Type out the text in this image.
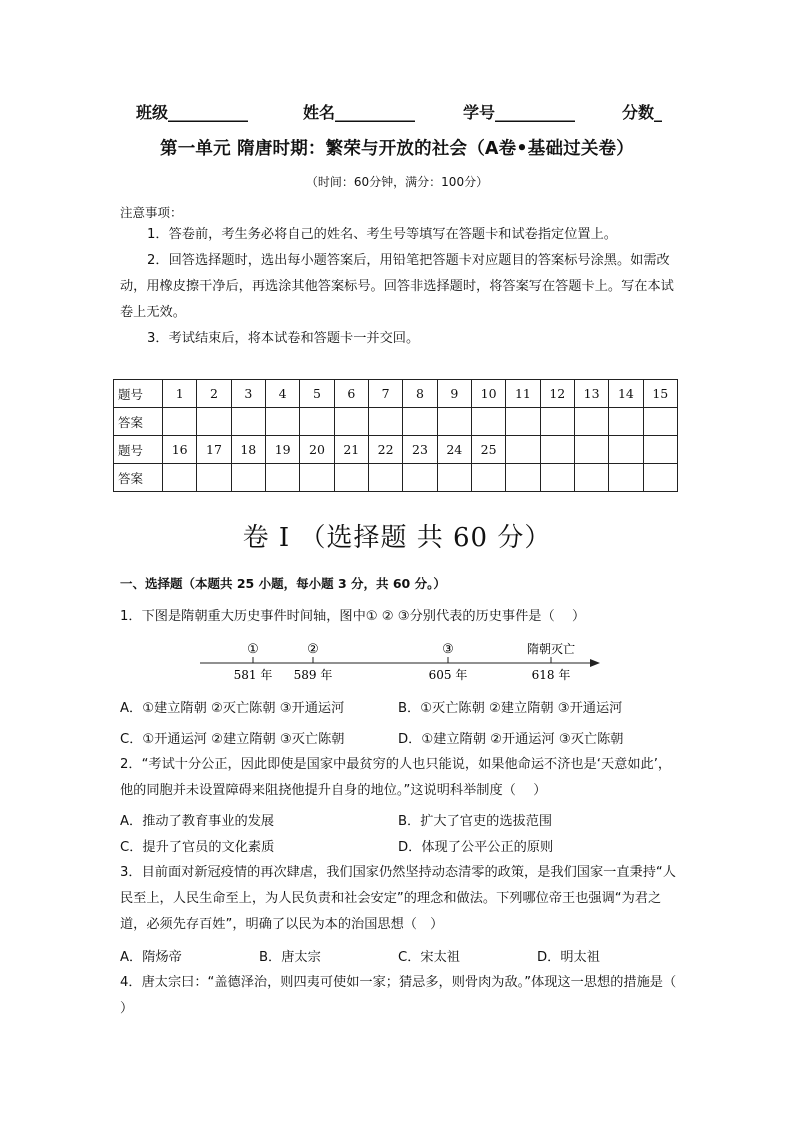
班级__________	姓名__________	学号__________	分数_
第一单元 隋唐时期：繁荣与开放的社会（A卷•基础过关卷）
（时间：60分钟，满分：100分）
注意事项：
1．答卷前，考生务必将自己的姓名、考生号等填写在答题卡和试卷指定位置上。
2．回答选择题时，选出每小题答案后，用铅笔把答题卡对应题目的答案标号涂黑。如需改动，用橡皮擦干净后，再选涂其他答案标号。回答非选择题时，将答案写在答题卡上。写在本试卷上无效。
3．考试结束后，将本试卷和答题卡一并交回。
题号	1	2	3	4	5	6	7	8	9	10	11	12	13	14	15
答案															
题号	16	17	18	19	20	21	22	23	24	25					
答案															
卷 I （选择题 共 60 分）
一、选择题（本题共 25 小题，每小题 3 分，共 60 分。）
1．下图是隋朝重大历史事件时间轴，图中① ② ③分别代表的历史事件是（　 ）
①	②	③	隋朝灭亡
581 年 589 年	605 年	618 年
A．①建立隋朝 ②灭亡陈朝 ③开通运河	B．①灭亡陈朝 ②建立隋朝 ③开通运河
C．①开通运河 ②建立隋朝 ③灭亡陈朝	D．①建立隋朝 ②开通运河 ③灭亡陈朝
2．“考试十分公正，因此即使是国家中最贫穷的人也只能说，如果他命运不济也是‘天意如此’，他的同胞并未设置障碍来阻挠他提升自身的地位。”这说明科举制度（　 ）
A．推动了教育事业的发展	B．扩大了官吏的选拔范围
C．提升了官员的文化素质	D．体现了公平公正的原则
3．目前面对新冠疫情的再次肆虐，我们国家仍然坚持动态清零的政策，是我们国家一直秉持“人民至上，人民生命至上，为人民负责和社会安定”的理念和做法。下列哪位帝王也强调“为君之道，必须先存百姓”，明确了以民为本的治国思想（　）
A．隋炀帝	B．唐太宗	C．宋太祖	D．明太祖
4．唐太宗曰：“盖德泽治，则四夷可使如一家；猜忌多，则骨肉为敌。”体现这一思想的措施是（ ）
